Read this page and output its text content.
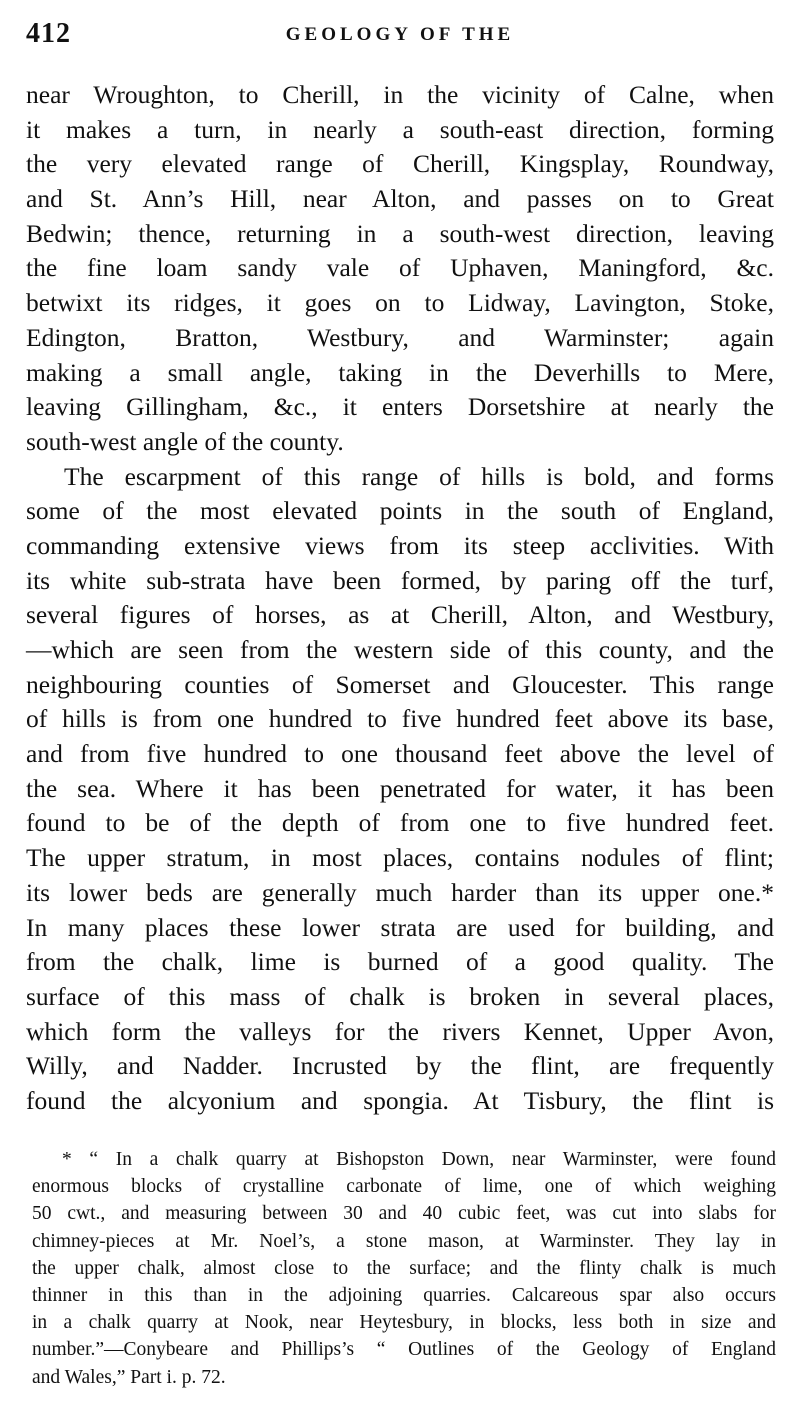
412	GEOLOGY OF THE
near Wroughton, to Cherill, in the vicinity of Calne, when
it makes a turn, in nearly a south-east direction, forming
the very elevated range of Cherill, Kingsplay, Roundway,
and St. Ann’s Hill, near Alton, and passes on to Great
Bedwin; thence, returning in a south-west direction, leaving
the fine loam sandy vale of Uphaven, Maningford, &c.
betwixt its ridges, it goes on to Lidway, Lavington, Stoke,
Edington, Bratton, Westbury, and Warminster; again
making a small angle, taking in the Deverhills to Mere,
leaving Gillingham, &c., it enters Dorsetshire at nearly the
south-west angle of the county.
The escarpment of this range of hills is bold, and forms
some of the most elevated points in the south of England,
commanding extensive views from its steep acclivities. With
its white sub-strata have been formed, by paring off the turf,
several figures of horses, as at Cherill, Alton, and Westbury,
—which are seen from the western side of this county, and the
neighbouring counties of Somerset and Gloucester. This range
of hills is from one hundred to five hundred feet above its base,
and from five hundred to one thousand feet above the level of
the sea. Where it has been penetrated for water, it has been
found to be of the depth of from one to five hundred feet.
The upper stratum, in most places, contains nodules of flint;
its lower beds are generally much harder than its upper one.*
In many places these lower strata are used for building, and
from the chalk, lime is burned of a good quality. The
surface of this mass of chalk is broken in several places,
which form the valleys for the rivers Kennet, Upper Avon,
Willy, and Nadder. Incrusted by the flint, are frequently
found the alcyonium and spongia. At Tisbury, the flint is
* “ In a chalk quarry at Bishopston Down, near Warminster, were found
enormous blocks of crystalline carbonate of lime, one of which weighing
50 cwt., and measuring between 30 and 40 cubic feet, was cut into slabs for
chimney-pieces at Mr. Noel’s, a stone mason, at Warminster. They lay in
the upper chalk, almost close to the surface; and the flinty chalk is much
thinner in this than in the adjoining quarries. Calcareous spar also occurs
in a chalk quarry at Nook, near Heytesbury, in blocks, less both in size and
number.”—Conybeare and Phillips’s “ Outlines of the Geology of England
and Wales,” Part i. p. 72.
